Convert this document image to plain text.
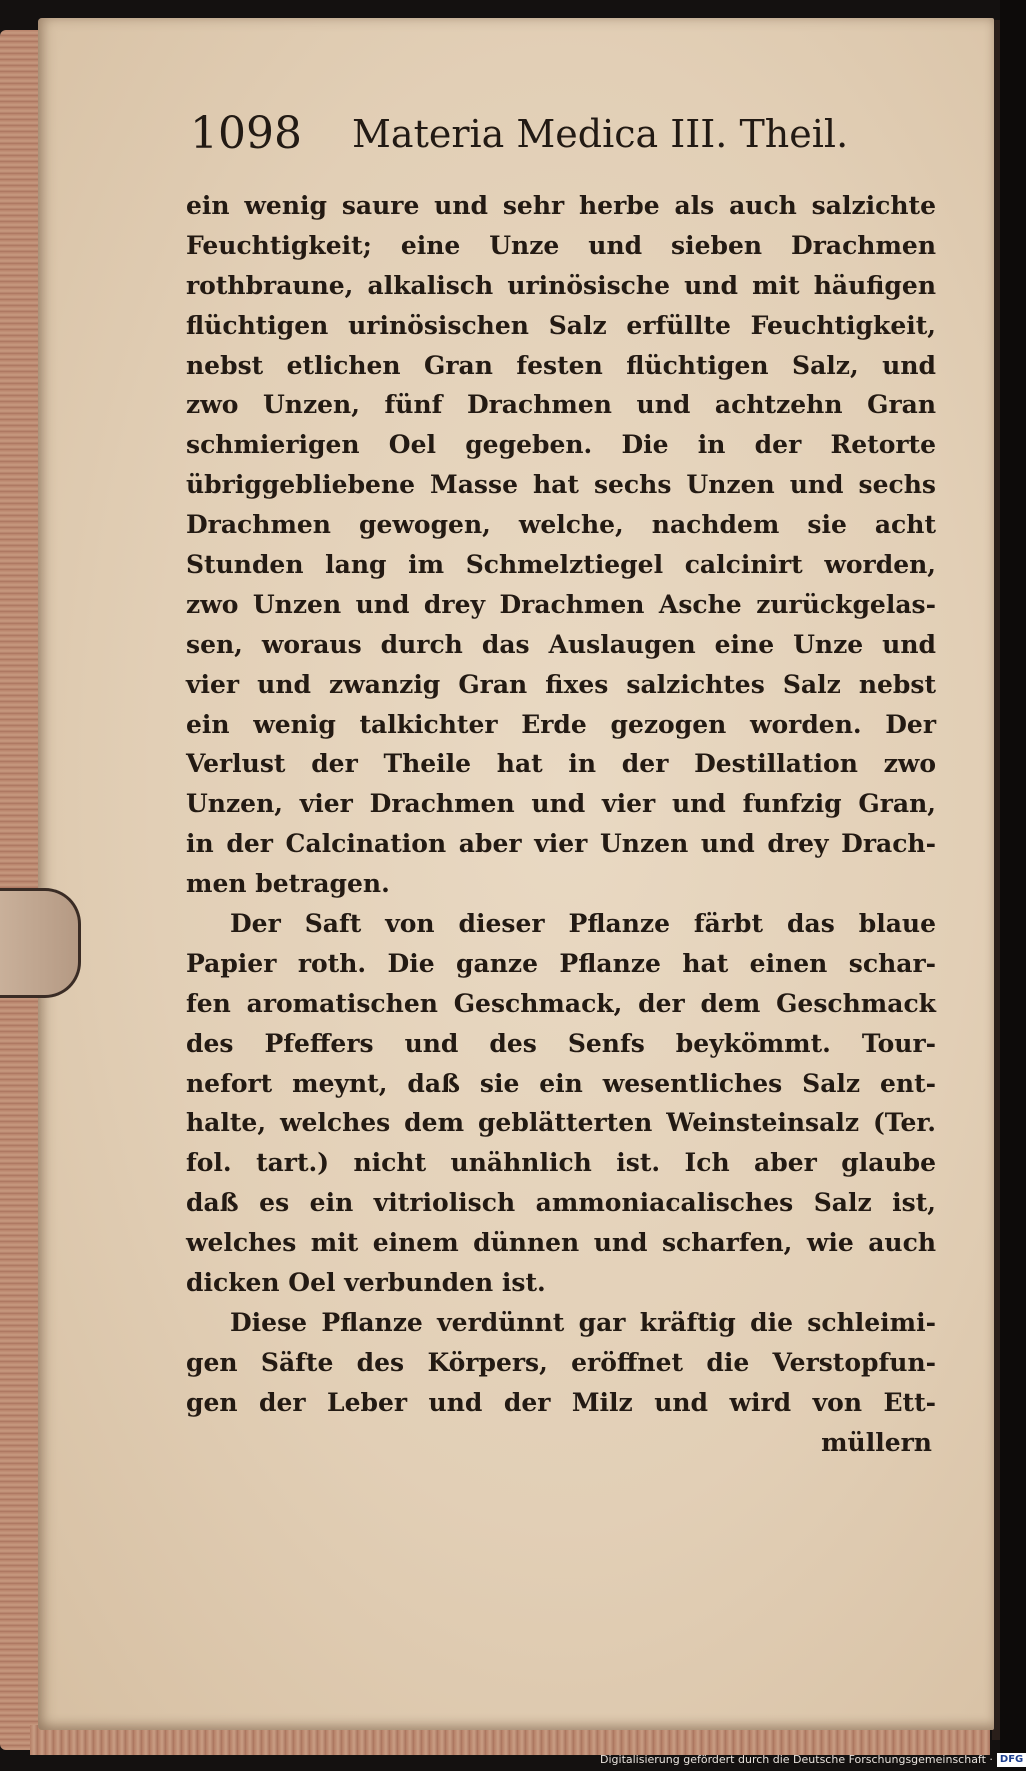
1098 Materia Medica III. Theil.
ein wenig saure und sehr herbe als auch salzichte
Feuchtigkeit; eine Unze und sieben Drachmen
rothbraune, alkalisch urinösische und mit häufigen
flüchtigen urinösischen Salz erfüllte Feuchtigkeit,
nebst etlichen Gran festen flüchtigen Salz, und
zwo Unzen, fünf Drachmen und achtzehn Gran
schmierigen Oel gegeben. Die in der Retorte
übriggebliebene Masse hat sechs Unzen und sechs
Drachmen gewogen, welche, nachdem sie acht
Stunden lang im Schmelztiegel calcinirt worden,
zwo Unzen und drey Drachmen Asche zurückgelas-
sen, woraus durch das Auslaugen eine Unze und
vier und zwanzig Gran fixes salzichtes Salz nebst
ein wenig talkichter Erde gezogen worden. Der
Verlust der Theile hat in der Destillation zwo
Unzen, vier Drachmen und vier und funfzig Gran,
in der Calcination aber vier Unzen und drey Drach-
men betragen.
Der Saft von dieser Pflanze färbt das blaue
Papier roth. Die ganze Pflanze hat einen schar-
fen aromatischen Geschmack, der dem Geschmack
des Pfeffers und des Senfs beykömmt. Tour-
nefort meynt, daß sie ein wesentliches Salz ent-
halte, welches dem geblätterten Weinsteinsalz (Ter.
fol. tart.) nicht unähnlich ist. Ich aber glaube
daß es ein vitriolisch ammoniacalisches Salz ist,
welches mit einem dünnen und scharfen, wie auch
dicken Oel verbunden ist.
Diese Pflanze verdünnt gar kräftig die schleimi-
gen Säfte des Körpers, eröffnet die Verstopfun-
gen der Leber und der Milz und wird von Ett-
müllern
Digitalisierung gefördert durch die Deutsche Forschungsgemeinschaft · DFG
